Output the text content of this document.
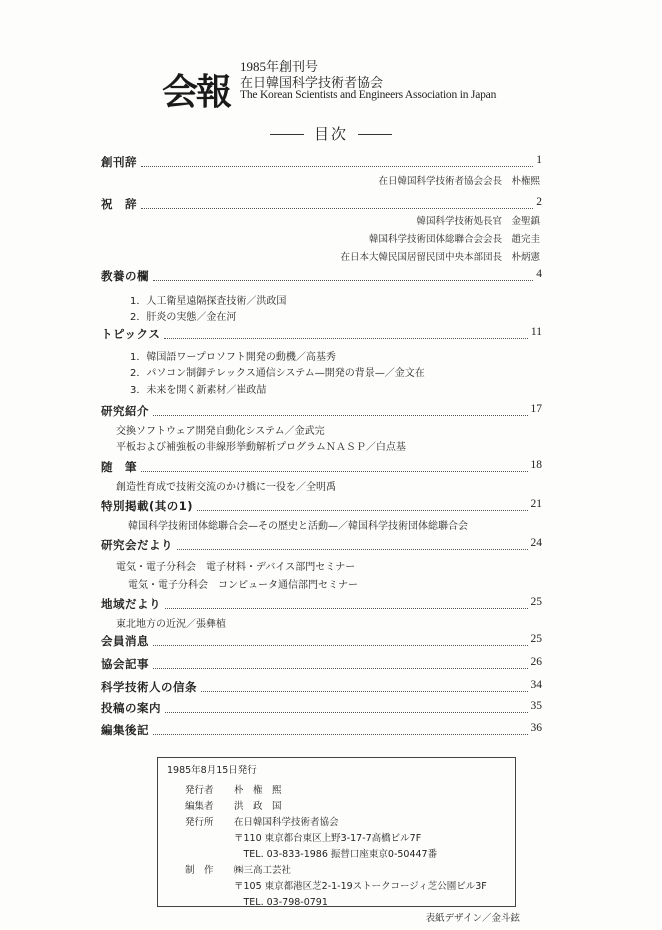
会報
1985年創刊号
在日韓国科学技術者協会
The Korean Scientists and Engineers Association in Japan
目次
創刊辞	1
祝　辞	2
教養の欄	4
トピックス	11
研究紹介	17
随　筆	18
特別掲載(其の1)	21
研究会だより	24
地域だより	25
会員消息	25
協会記事	26
科学技術人の信条	34
投稿の案内	35
編集後記	36
在日韓国科学技術者協会会長　朴権熙
韓国科学技術処長官　金聖鎮
韓国科学技術団体総聯合会会長　趙完圭
在日本大韓民国居留民団中央本部団長　朴炳憲
1．人工衛星遠隔探査技術／洪政国
2．肝炎の実態／金在河
1．韓国語ワープロソフト開発の動機／高基秀
2．パソコン制御テレックス通信システム—開発の背景—／金文在
3．未来を開く新素材／崔政喆
交換ソフトウェア開発自動化システム／金武完
平板および補強板の非線形挙動解析プログラムＮＡＳＰ／白点基
創造性育成で技術交流のかけ橋に一役を／全明禹
韓国科学技術団体総聯合会—その歴史と活動—／韓国科学技術団体総聯合会
電気・電子分科会　電子材料・デバイス部門セミナー
電気・電子分科会　コンピュータ通信部門セミナー
東北地方の近況／張彝植
1985年8月15日発行
発行者 朴　権　熙
編集者 洪　政　国
発行所 在日韓国科学技術者協会
〒110 東京都台東区上野3-17-7高橋ビル7F
　TEL. 03-833-1986 振替口座東京0-50447番
制　作 ㈱三高工芸社
〒105 東京都港区芝2-1-19ストークコージィ芝公園ビル3F
　TEL. 03-798-0791
表紙デザイン／金斗鉉
